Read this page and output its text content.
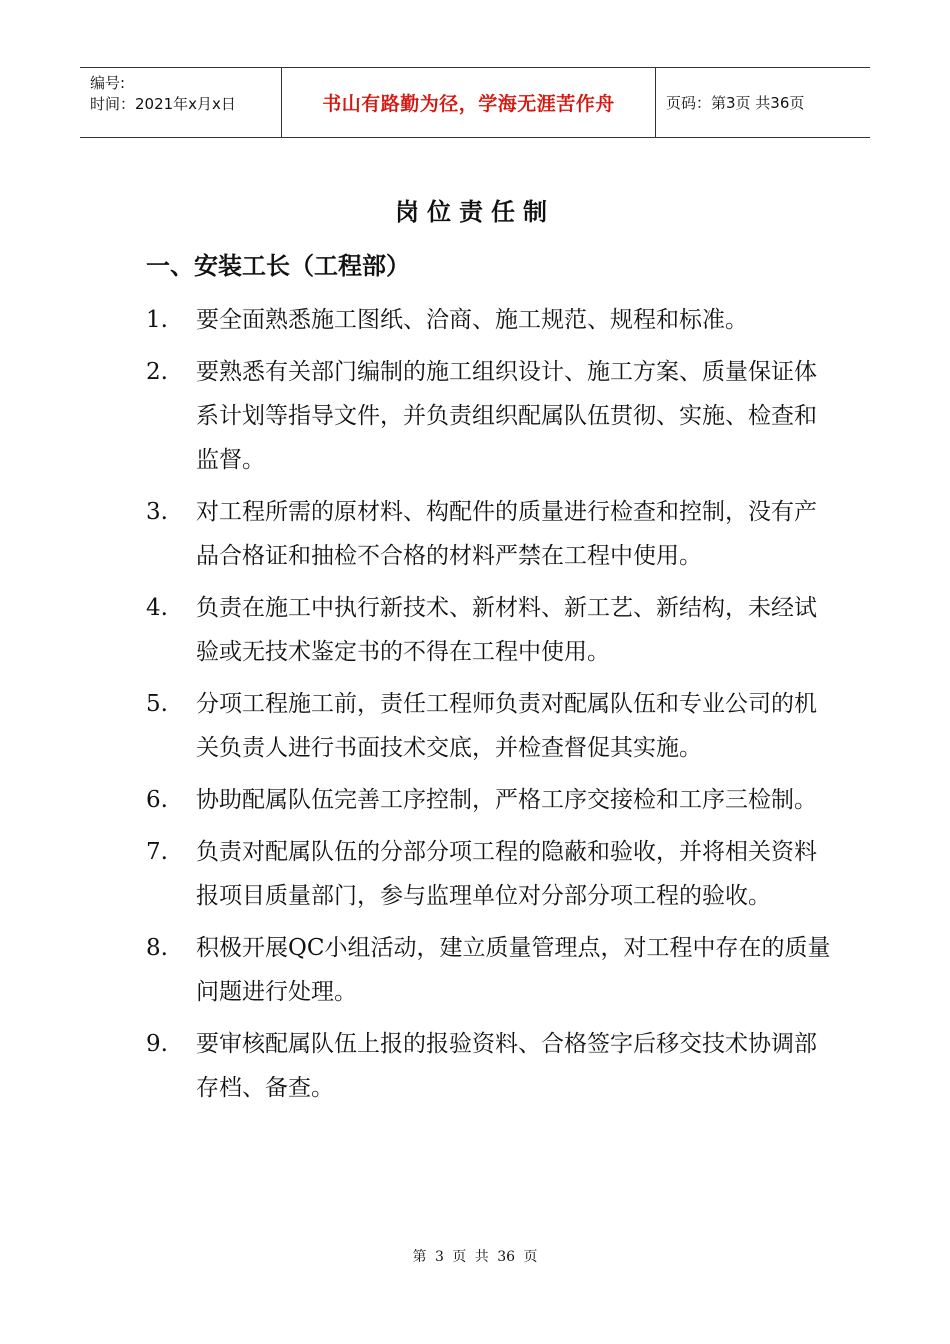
编号:
时间：2021年x月x日	书山有路勤为径，学海无涯苦作舟	页码：第3页 共36页
岗位责任制
一、安装工长（工程部）
1. 要全面熟悉施工图纸、洽商、施工规范、规程和标准。
2. 要熟悉有关部门编制的施工组织设计、施工方案、质量保证体系计划等指导文件，并负责组织配属队伍贯彻、实施、检查和监督。
3. 对工程所需的原材料、构配件的质量进行检查和控制，没有产品合格证和抽检不合格的材料严禁在工程中使用。
4. 负责在施工中执行新技术、新材料、新工艺、新结构，未经试验或无技术鉴定书的不得在工程中使用。
5. 分项工程施工前，责任工程师负责对配属队伍和专业公司的机关负责人进行书面技术交底，并检查督促其实施。
6. 协助配属队伍完善工序控制，严格工序交接检和工序三检制。
7. 负责对配属队伍的分部分项工程的隐蔽和验收，并将相关资料报项目质量部门，参与监理单位对分部分项工程的验收。
8. 积极开展QC小组活动，建立质量管理点，对工程中存在的质量问题进行处理。
9. 要审核配属队伍上报的报验资料、合格签字后移交技术协调部存档、备查。
第 3 页 共 36 页
